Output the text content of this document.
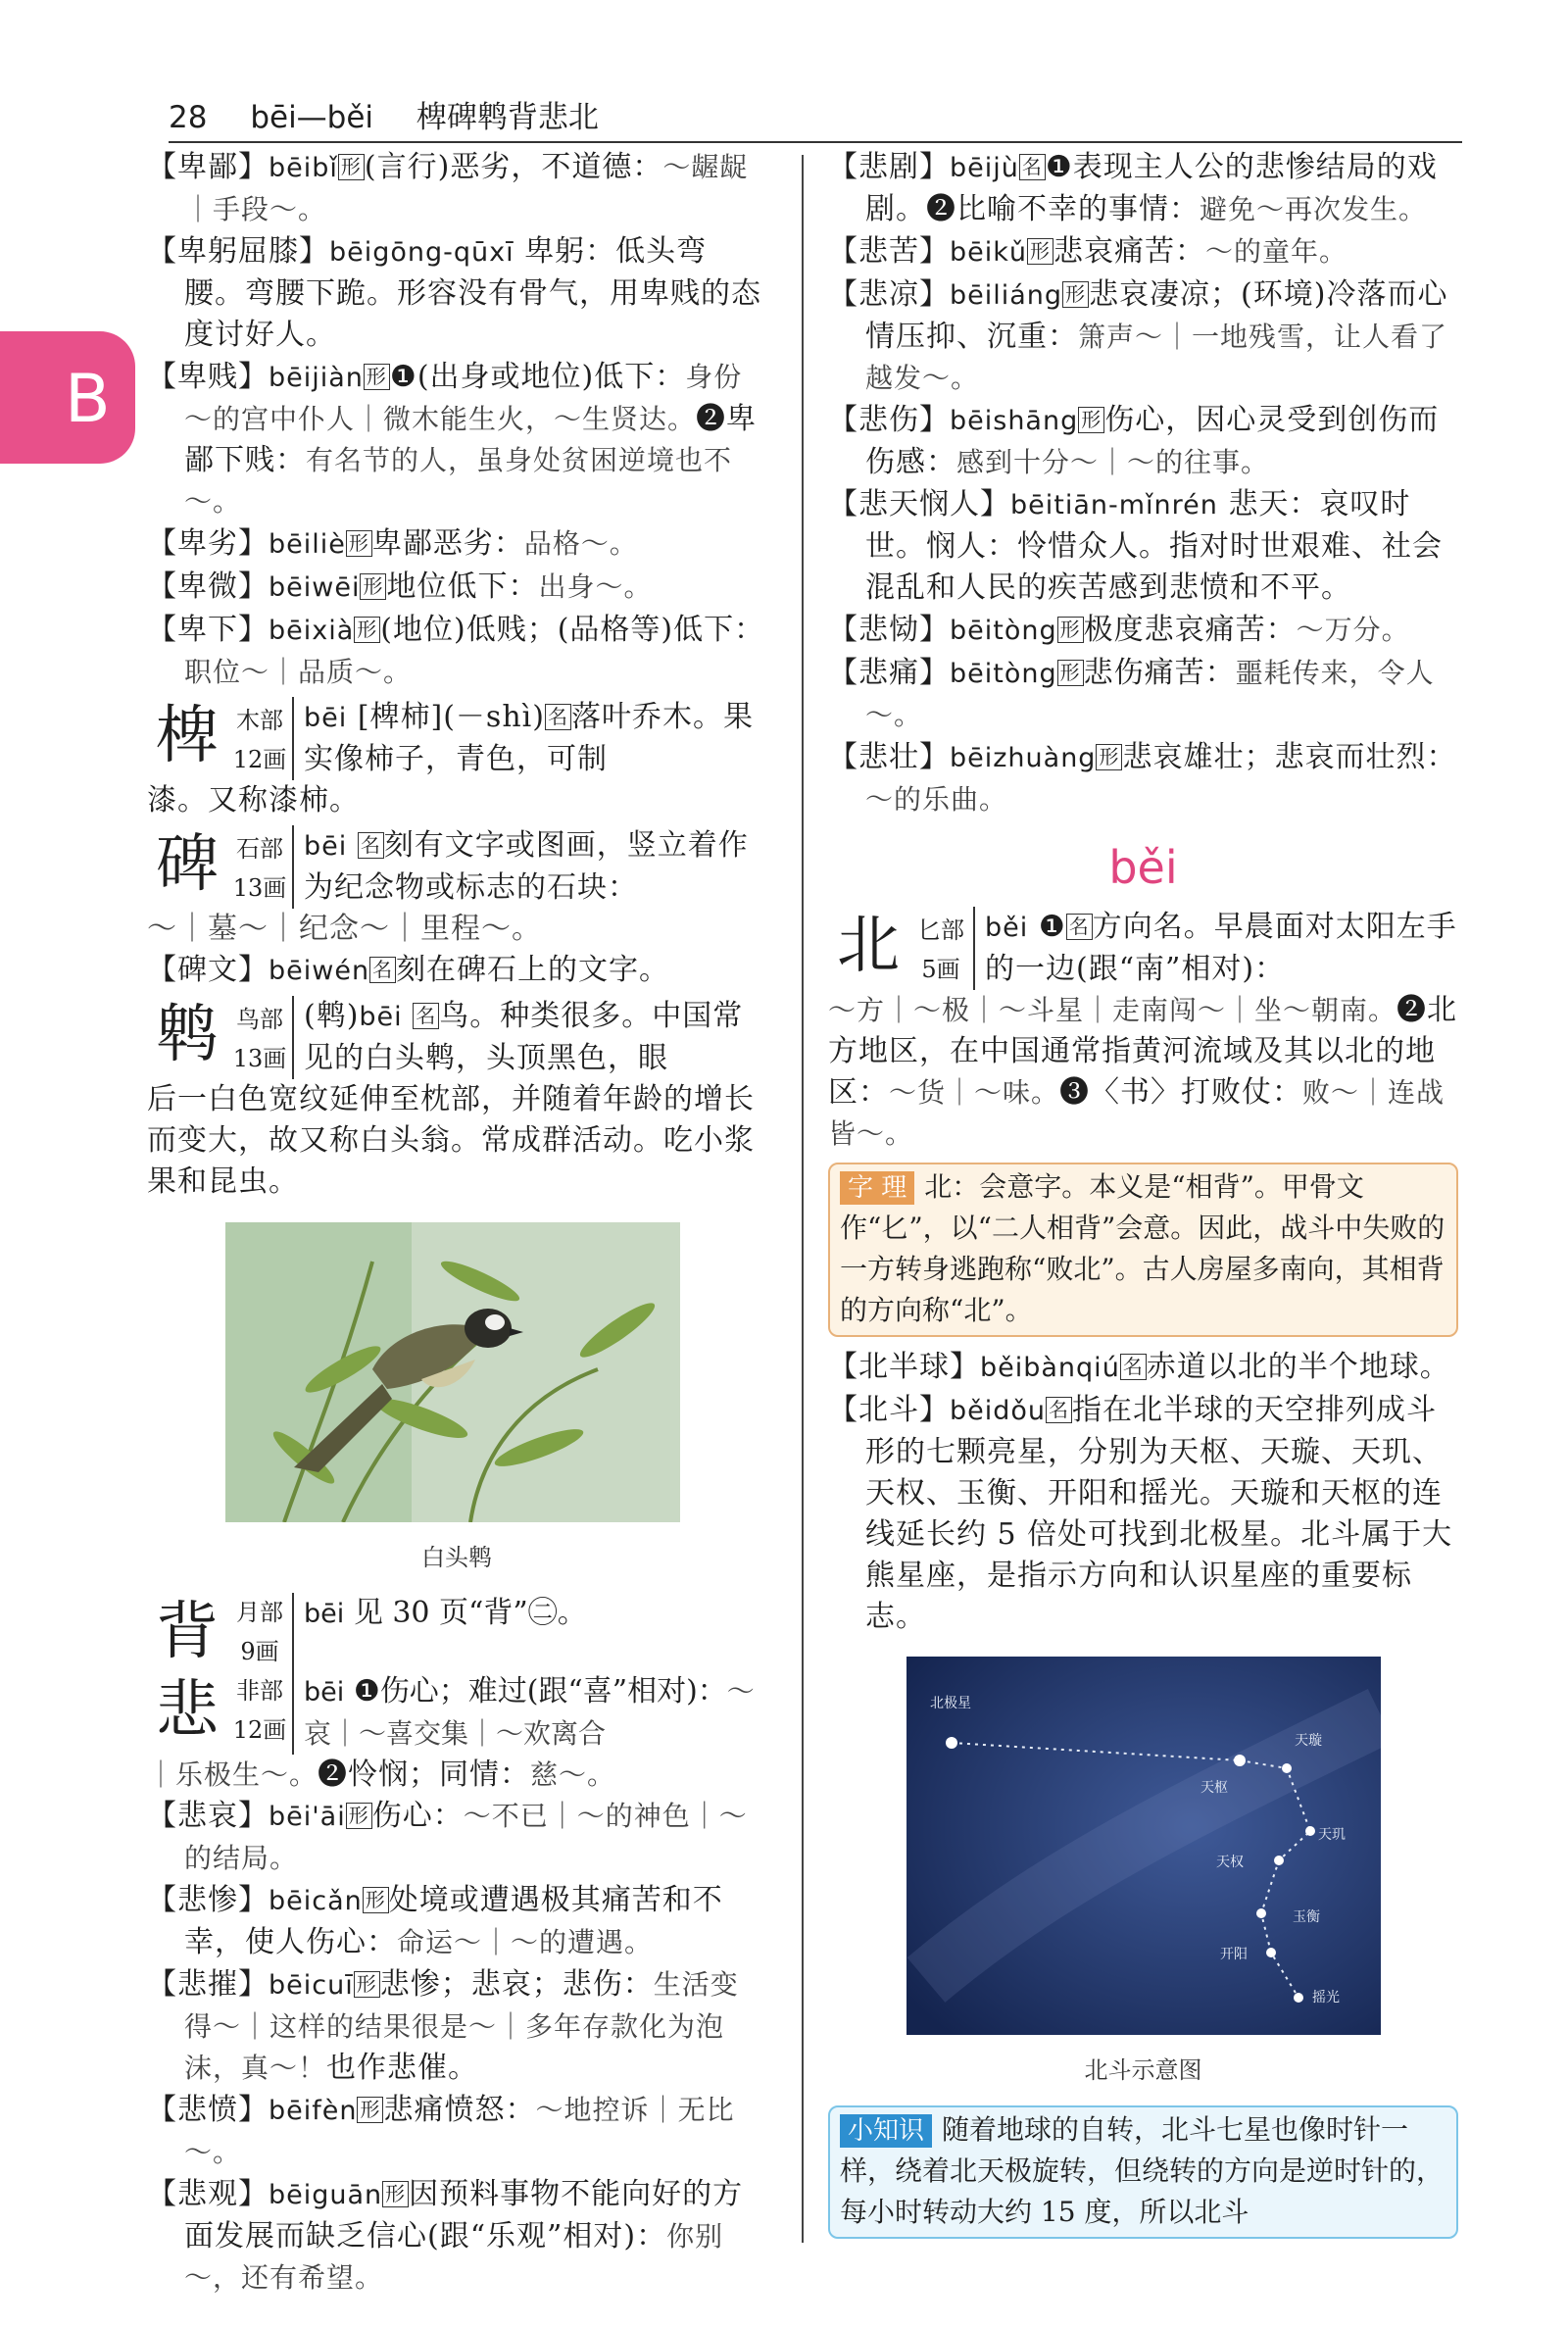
28 bēi—běi 椑碑鹎背悲北
B
【卑鄙】bēibǐ 形 (言行)恶劣，不道德：～龌龊｜手段～。
【卑躬屈膝】bēigōng-qūxī 卑躬：低头弯腰。弯腰下跪。形容没有骨气，用卑贱的态度讨好人。
【卑贱】bēijiàn 形 ❶(出身或地位)低下：身份～的宫中仆人｜微木能生火，～生贤达。❷卑鄙下贱：有名节的人，虽身处贫困逆境也不～。
【卑劣】bēiliè 形 卑鄙恶劣：品格～。
【卑微】bēiwēi 形 地位低下：出身～。
【卑下】bēixià 形 (地位)低贱；(品格等)低下：职位～｜品质～。
椑 木部
12画
bēi [椑柿](－shì) 名 落叶乔木。果实像柿子，青色，可制
漆。又称漆柿。
碑 石部
13画
bēi 名 刻有文字或图画，竖立着作为纪念物或标志的石块：
～｜墓～｜纪念～｜里程～。
【碑文】bēiwén 名 刻在碑石上的文字。
鹎 鸟部
13画
(鹎)bēi 名 鸟。种类很多。中国常见的白头鹎，头顶黑色，眼
后一白色宽纹延伸至枕部，并随着年龄的增长而变大，故又称白头翁。常成群活动。吃小浆果和昆虫。
白头鹎
背 月部
9画
bēi 见 30 页“背”㊁。
悲 非部
12画
bēi ❶伤心；难过(跟“喜”相对)：～哀｜～喜交集｜～欢离合
｜乐极生～。❷怜悯；同情：慈～。
【悲哀】bēi'āi 形 伤心：～不已｜～的神色｜～的结局。
【悲惨】bēicǎn 形 处境或遭遇极其痛苦和不幸，使人伤心：命运～｜～的遭遇。
【悲摧】bēicuī 形 悲惨；悲哀；悲伤：生活变得～｜这样的结果很是～｜多年存款化为泡沫，真～！也作悲催。
【悲愤】bēifèn 形 悲痛愤怒：～地控诉｜无比～。
【悲观】bēiguān 形 因预料事物不能向好的方面发展而缺乏信心(跟“乐观”相对)：你别～，还有希望。
【悲剧】bēijù 名 ❶表现主人公的悲惨结局的戏剧。❷比喻不幸的事情：避免～再次发生。
【悲苦】bēikǔ 形 悲哀痛苦：～的童年。
【悲凉】bēiliáng 形 悲哀凄凉；(环境)冷落而心情压抑、沉重：箫声～｜一地残雪，让人看了越发～。
【悲伤】bēishāng 形 伤心，因心灵受到创伤而伤感：感到十分～｜～的往事。
【悲天悯人】bēitiān-mǐnrén 悲天：哀叹时世。悯人：怜惜众人。指对时世艰难、社会混乱和人民的疾苦感到悲愤和不平。
【悲恸】bēitòng 形 极度悲哀痛苦：～万分。
【悲痛】bēitòng 形 悲伤痛苦：噩耗传来，令人～。
【悲壮】bēizhuàng 形 悲哀雄壮；悲哀而壮烈：～的乐曲。
běi
北 匕部
5画
běi ❶ 名 方向名。早晨面对太阳左手的一边(跟“南”相对)：
～方｜～极｜～斗星｜走南闯～｜坐～朝南。❷北方地区，在中国通常指黄河流域及其以北的地区：～货｜～味。❸〈书〉打败仗：败～｜连战皆～。
字 理 北：会意字。本义是“相背”。甲骨文作“𠤎”，以“二人相背”会意。因此，战斗中失败的一方转身逃跑称“败北”。古人房屋多南向，其相背的方向称“北”。
【北半球】běibànqiú 名 赤道以北的半个地球。
【北斗】běidǒu 名 指在北半球的天空排列成斗形的七颗亮星，分别为天枢、天璇、天玑、天权、玉衡、开阳和摇光。天璇和天枢的连线延长约 5 倍处可找到北极星。北斗属于大熊星座，是指示方向和认识星座的重要标志。
北极星
天璇
天枢
天玑
天权
玉衡
开阳
摇光
北斗示意图
小知识 随着地球的自转，北斗七星也像时针一样，绕着北天极旋转，但绕转的方向是逆时针的，每小时转动大约 15 度，所以北斗
